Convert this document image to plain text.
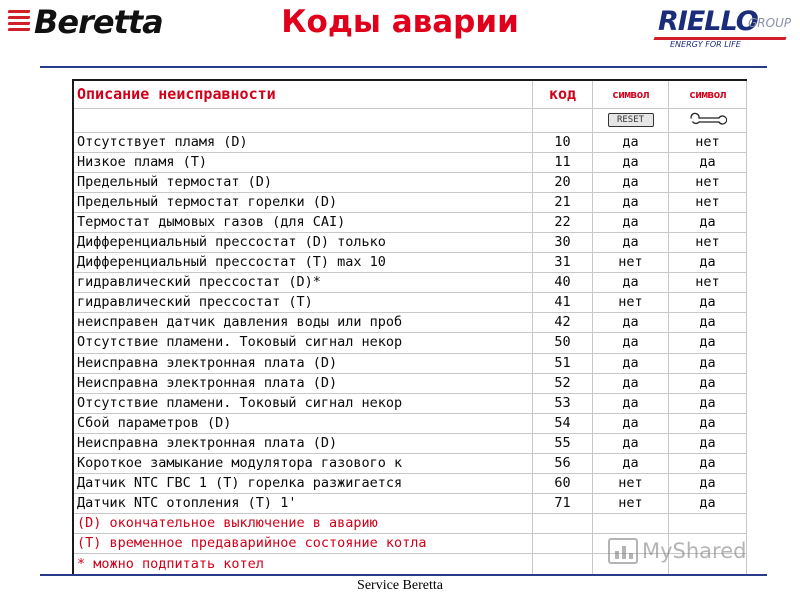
Beretta	Коды аварии	RIELLO
GROUP
ENERGY FOR LIFE
Описание неисправности	код	символ	символ
		RESET	
Отсутствует пламя (D)	10	да	нет
Низкое пламя (T)	11	да	да
Предельный термостат (D)	20	да	нет
Предельный термостат горелки (D)	21	да	нет
Термостат дымовых газов (для CAI)	22	да	да
Дифференциальный прессостат (D) только	30	да	нет
Дифференциальный прессостат (T) max 10	31	нет	да
гидравлический прессостат (D)*	40	да	нет
гидравлический прессостат (T)	41	нет	да
неисправен датчик давления воды или проб	42	да	да
Отсутствие пламени. Токовый сигнал некор	50	да	да
Неисправна электронная плата (D)	51	да	да
Неисправна электронная плата (D)	52	да	да
Отсутствие пламени. Токовый сигнал некор	53	да	да
Сбой параметров (D)	54	да	да
Неисправна электронная плата (D)	55	да	да
Короткое замыкание модулятора газового к	56	да	да
Датчик NTC ГВС 1 (T) горелка разжигается	60	нет	да
Датчик NTC отопления (T) 1'	71	нет	да
(D) окончательное выключение в аварию			
(T) временное предаварийное состояние котла			
* можно подпитать котел			
MyShared
Service Beretta
